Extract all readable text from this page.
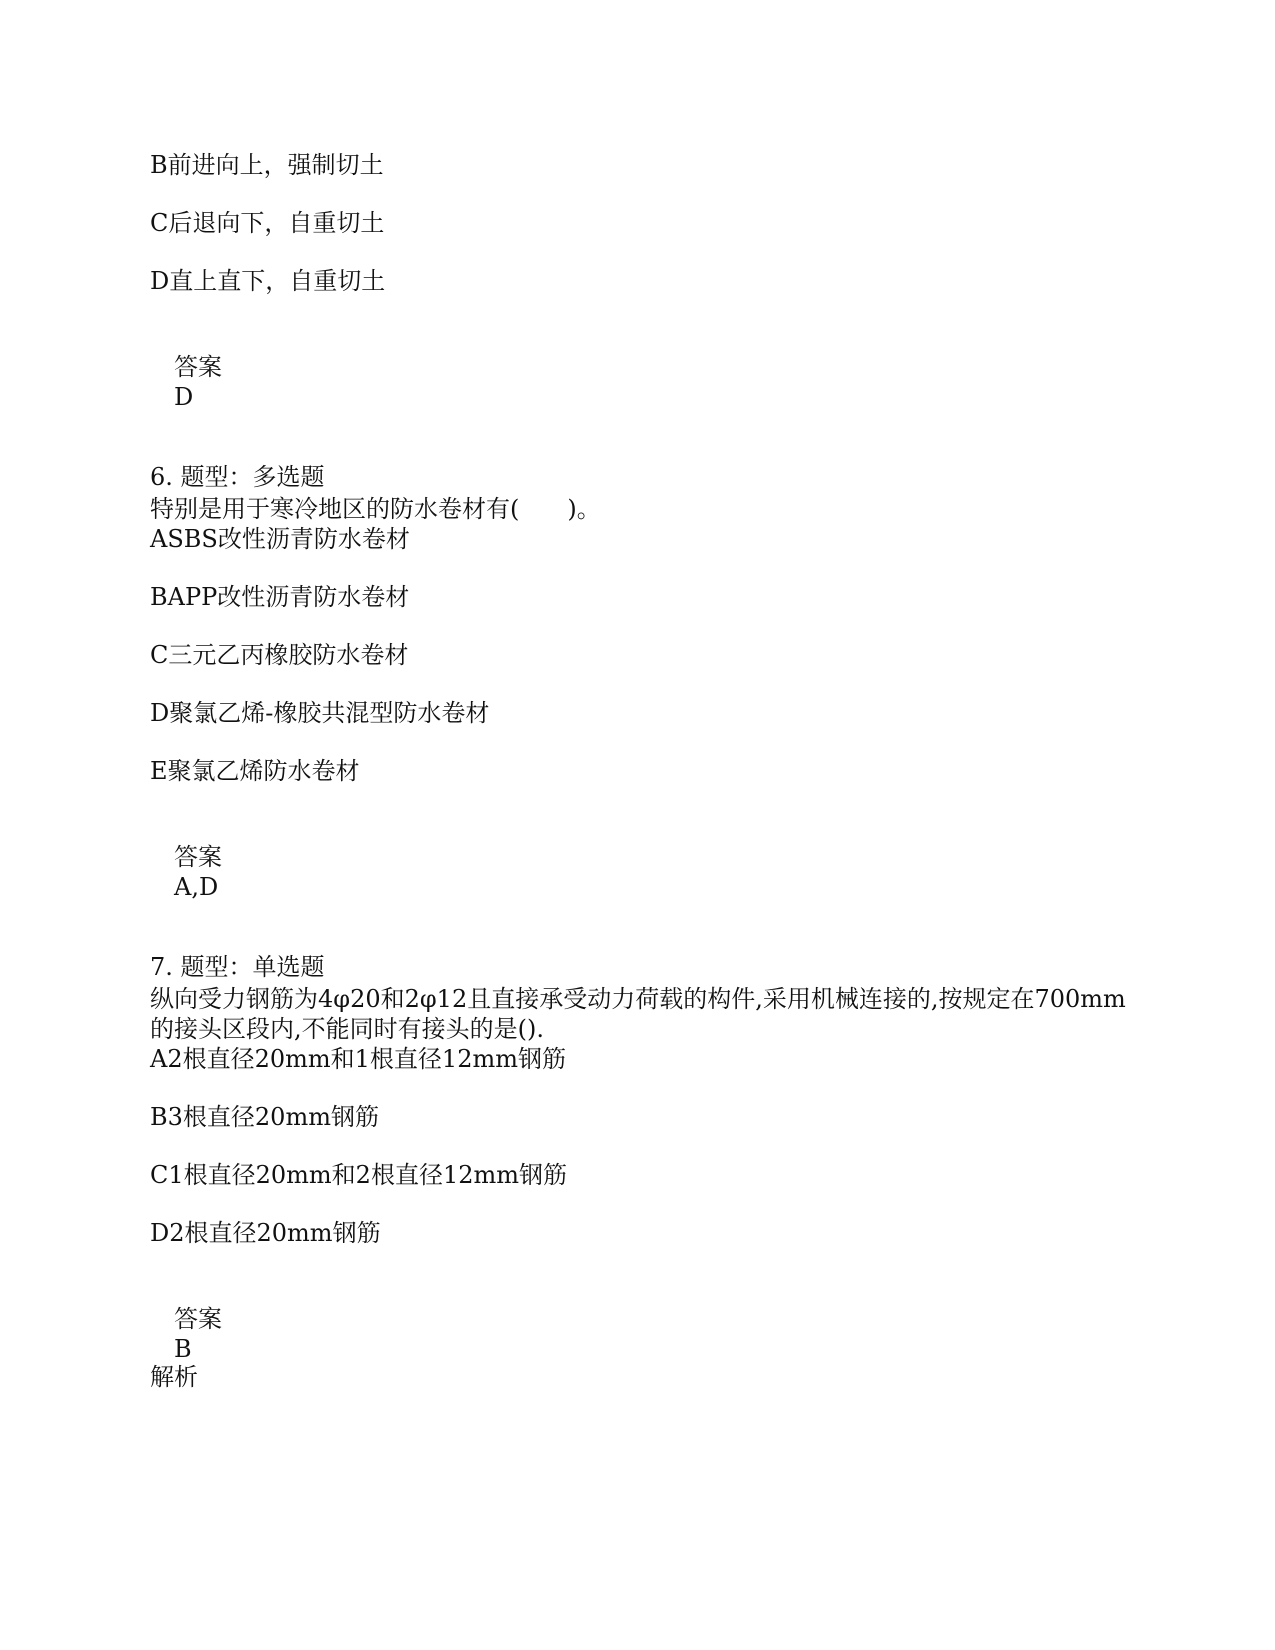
B前进向上，强制切土
C后退向下，自重切土
D直上直下，自重切土
答案
D
6. 题型：多选题
特别是用于寒冷地区的防水卷材有(　　)。
ASBS改性沥青防水卷材
BAPP改性沥青防水卷材
C三元乙丙橡胶防水卷材
D聚氯乙烯-橡胶共混型防水卷材
E聚氯乙烯防水卷材
答案
A,D
7. 题型：单选题
纵向受力钢筋为4φ20和2φ12且直接承受动力荷载的构件,采用机械连接的,按规定在700mm
的接头区段内,不能同时有接头的是().
A2根直径20mm和1根直径12mm钢筋
B3根直径20mm钢筋
C1根直径20mm和2根直径12mm钢筋
D2根直径20mm钢筋
答案
B
解析
